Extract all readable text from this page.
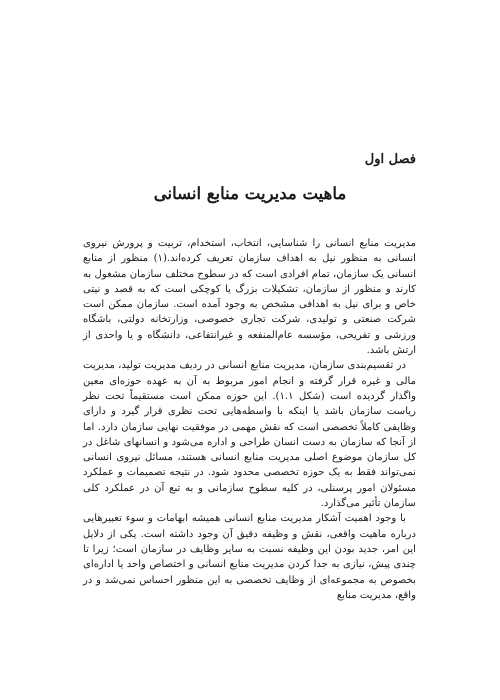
فصل اول
ماهیت مدیریت منابع انسانی

مدیریت منابع انسانی را شناسایی، انتخاب، استخدام، تربیت و پرورش نیروی انسانی به منظور نیل به اهداف سازمان تعریف کرده‌اند.(۱) منظور از منابع انسانی یک سازمان، تمام افرادی است که در سطوح مختلف سازمان مشغول به کارند و منظور از سازمان، تشکیلات بزرگ یا کوچکی است که به قصد و نیتی خاص و برای نیل به اهدافی مشخص به وجود آمده است. سازمان ممکن است شرکت صنعتی و تولیدی، شرکت تجاری خصوصی، وزارتخانه دولتی، باشگاه ورزشی و تفریحی، مؤسسه عام‌المنفعه و غیرانتفاعی، دانشگاه و یا واحدی از ارتش باشد.

در تقسیم‌بندی سازمان، مدیریت منابع انسانی در ردیف مدیریت تولید، مدیریت مالی و غیره قرار گرفته و انجام امور مربوط به آن به عهده حوزه‌ای معین واگذار گردیده است (شکل ۱.۱). این حوزه ممکن است مستقیماً تحت نظر ریاست سازمان باشد یا اینکه با واسطه‌هایی تحت نظری قرار گیرد و دارای وظایفی کاملاً تخصصی است که نقش مهمی در موفقیت نهایی سازمان دارد. اما از آنجا که سازمان به دست انسان طراحی و اداره می‌شود و انسانهای شاغل در کل سازمان موضوع اصلی مدیریت منابع انسانی هستند، مسائل نیروی انسانی نمی‌تواند فقط به یک حوزه تخصصی محدود شود. در نتیجه تصمیمات و عملکرد مسئولان امور پرسنلی، در کلیه سطوح سازمانی و به تبع آن در عملکرد کلی سازمان تأثیر می‌گذارد.

با وجود اهمیت آشکار مدیریت منابع انسانی همیشه ابهامات و سوء تعبیرهایی درباره ماهیت واقعی، نقش و وظیفه دقیق آن وجود داشته است. یکی از دلایل این امر، جدید بودن این وظیفه نسبت به سایر وظایف در سازمان است؛ زیرا تا چندی پیش، نیازی به جدا کردن مدیریت منابع انسانی و اختصاص واحد یا اداره‌ای بخصوص به مجموعه‌ای از وظایف تخصصی به این منظور احساس نمی‌شد و در واقع، مدیریت منابع
